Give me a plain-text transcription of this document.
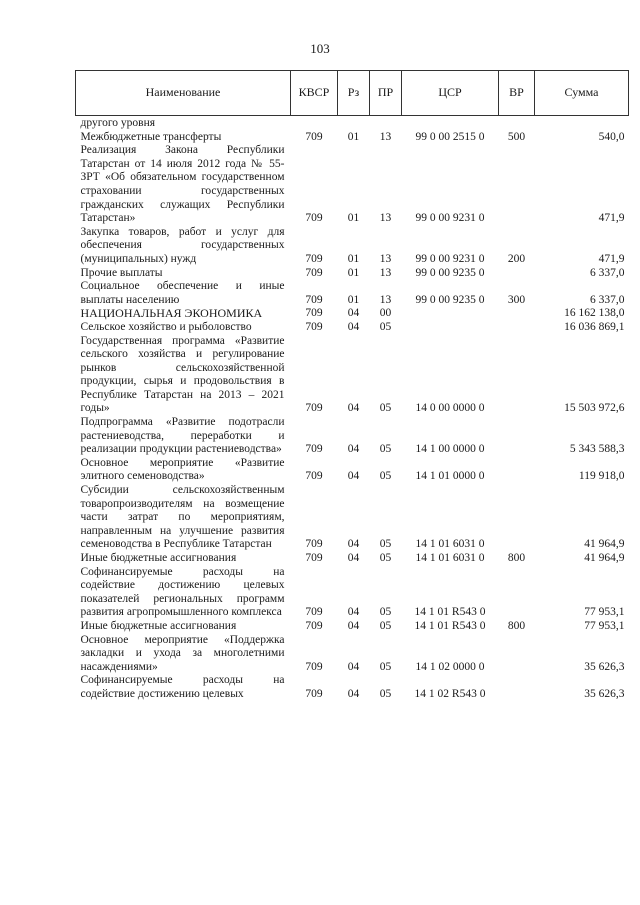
103
Наименование	КВСР	Рз	ПР	ЦСР	ВР	Сумма
другого уровня						
Межбюджетные трансферты	709	01	13	99 0 00 2515 0	500	540,0
Реализация Закона Республики Татарстан от 14 июля 2012 года № 55-ЗРТ «Об обязательном государственном страховании государственных гражданских служащих Республики Татарстан»	709	01	13	99 0 00 9231 0		471,9
Закупка товаров, работ и услуг для обеспечения государственных (муниципальных) нужд	709	01	13	99 0 00 9231 0	200	471,9
Прочие выплаты	709	01	13	99 0 00 9235 0		6 337,0
Социальное обеспечение и иные выплаты населению	709	01	13	99 0 00 9235 0	300	6 337,0
НАЦИОНАЛЬНАЯ ЭКОНОМИКА	709	04	00			16 162 138,0
Сельское хозяйство и рыболовство	709	04	05			16 036 869,1
Государственная программа «Развитие сельского хозяйства и регулирование рынков сельскохозяйственной продукции, сырья и продовольствия в Республике Татарстан на 2013 – 2021 годы»	709	04	05	14 0 00 0000 0		15 503 972,6
Подпрограмма «Развитие подотрасли растениеводства, переработки и реализации продукции растениеводства»	709	04	05	14 1 00 0000 0		5 343 588,3
Основное мероприятие «Развитие элитного семеноводства»	709	04	05	14 1 01 0000 0		119 918,0
Субсидии сельскохозяйственным товаропроизводителям на возмещение части затрат по мероприятиям, направленным на улучшение развития семеноводства в Республике Татарстан	709	04	05	14 1 01 6031 0		41 964,9
Иные бюджетные ассигнования	709	04	05	14 1 01 6031 0	800	41 964,9
Софинансируемые расходы на содействие достижению целевых показателей региональных программ развития агропромышленного комплекса	709	04	05	14 1 01 R543 0		77 953,1
Иные бюджетные ассигнования	709	04	05	14 1 01 R543 0	800	77 953,1
Основное мероприятие «Поддержка закладки и ухода за многолетними насаждениями»	709	04	05	14 1 02 0000 0		35 626,3
Софинансируемые расходы на содействие достижению целевых	709	04	05	14 1 02 R543 0		35 626,3
